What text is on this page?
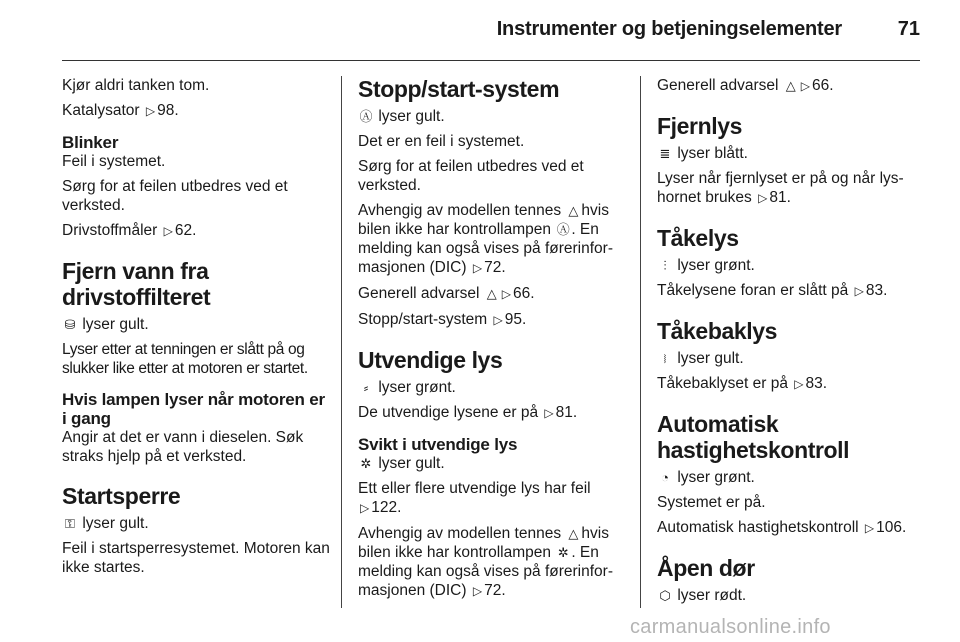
Instrumenter og betjeningselementer	71

Kjør aldri tanken tom.

Katalysator ▷ 98.

Blinker

Feil i systemet.

Sørg for at feilen utbedres ved et verksted.

Drivstoffmåler ▷ 62.

Fjern vann fra drivstoffilteret

⛁ lyser gult.

Lyser etter at tenningen er slått på og slukker like etter at motoren er startet.

Hvis lampen lyser når motoren er i gang

Angir at det er vann i dieselen. Søk straks hjelp på et verksted.

Startsperre

⚿ lyser gult.

Feil i startsperresystemet. Motoren kan ikke startes.

Stopp/start-system

Ⓐ lyser gult.

Det er en feil i systemet.

Sørg for at feilen utbedres ved et verksted.

Avhengig av modellen tennes △ hvis bilen ikke har kontrollampen Ⓐ. En melding kan også vises på førerinformasjonen (DIC) ▷ 72.

Generell advarsel △ ▷ 66.

Stopp/start-system ▷ 95.

Utvendige lys

⸗ lyser grønt.

De utvendige lysene er på ▷ 81.

Svikt i utvendige lys

✲ lyser gult.

Ett eller flere utvendige lys har feil
▷ 122.

Avhengig av modellen tennes △ hvis bilen ikke har kontrollampen ✲ . En melding kan også vises på førerinformasjonen (DIC) ▷ 72.

Generell advarsel △ ▷ 66.

Fjernlys

≣ lyser blått.

Lyser når fjernlyset er på og når lyshornet brukes ▷ 81.

Tåkelys

⫶ lyser grønt.

Tåkelysene foran er slått på ▷ 83.

Tåkebaklys

⧘ lyser gult.

Tåkebaklyset er på ▷ 83.

Automatisk hastighetskontroll

◔ lyser grønt.

Systemet er på.

Automatisk hastighetskontroll ▷ 106.

Åpen dør

⬡ lyser rødt.

carmanualsonline.info
